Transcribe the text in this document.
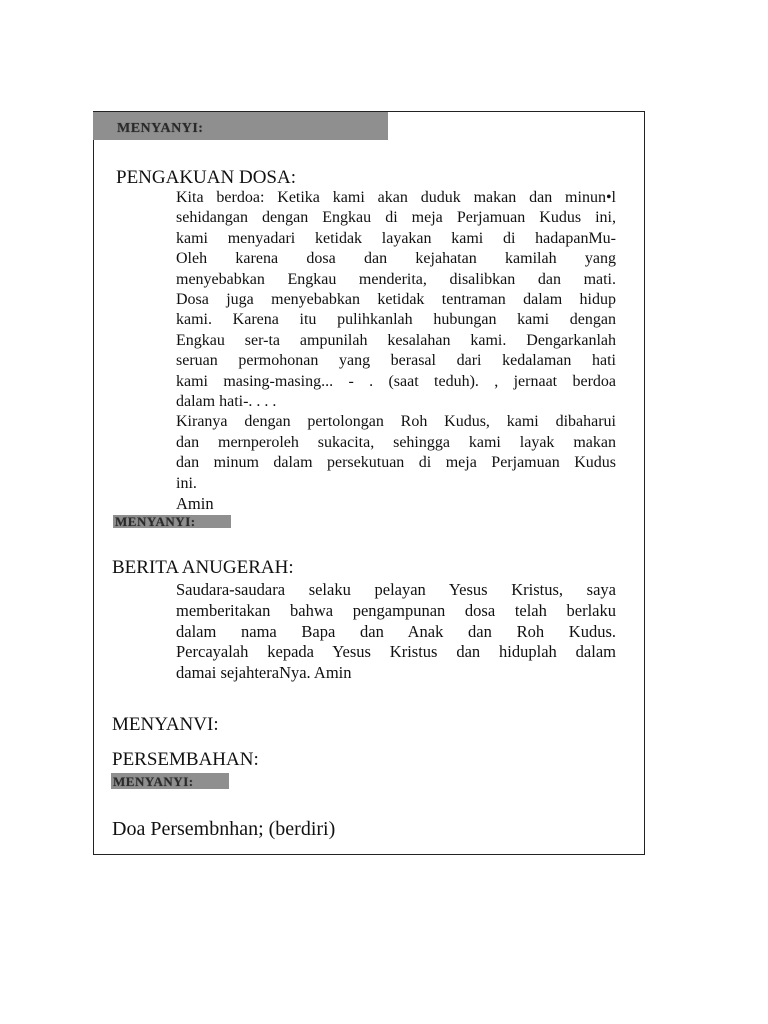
MENYANYI:
PENGAKUAN DOSA:
Kita berdoa: Ketika kami akan duduk makan dan minun•l
sehidangan dengan Engkau di meja Perjamuan Kudus ini,
kami menyadari ketidak layakan kami di hadapanMu-
Oleh karena dosa dan kejahatan kamilah yang
menyebabkan Engkau menderita, disalibkan dan mati.
Dosa juga menyebabkan ketidak tentraman dalam hidup
kami. Karena itu pulihkanlah hubungan kami dengan
Engkau ser-ta ampunilah kesalahan kami. Dengarkanlah
seruan permohonan yang berasal dari kedalaman hati
kami masing-masing... - . (saat teduh). , jernaat berdoa
dalam hati-. . . .
Kiranya dengan pertolongan Roh Kudus, kami dibaharui
dan mernperoleh sukacita, sehingga kami layak makan
dan minum dalam persekutuan di meja Perjamuan Kudus
ini.
Amin
MENYANYI:
BERITA ANUGERAH:
Saudara-saudara selaku pelayan Yesus Kristus, saya
memberitakan bahwa pengampunan dosa telah berlaku
dalam nama Bapa dan Anak dan Roh Kudus.
Percayalah kepada Yesus Kristus dan hiduplah dalam
damai sejahteraNya. Amin
MENYANVI:
PERSEMBAHAN:
MENYANYI:
Doa Persembnhan; (berdiri)
